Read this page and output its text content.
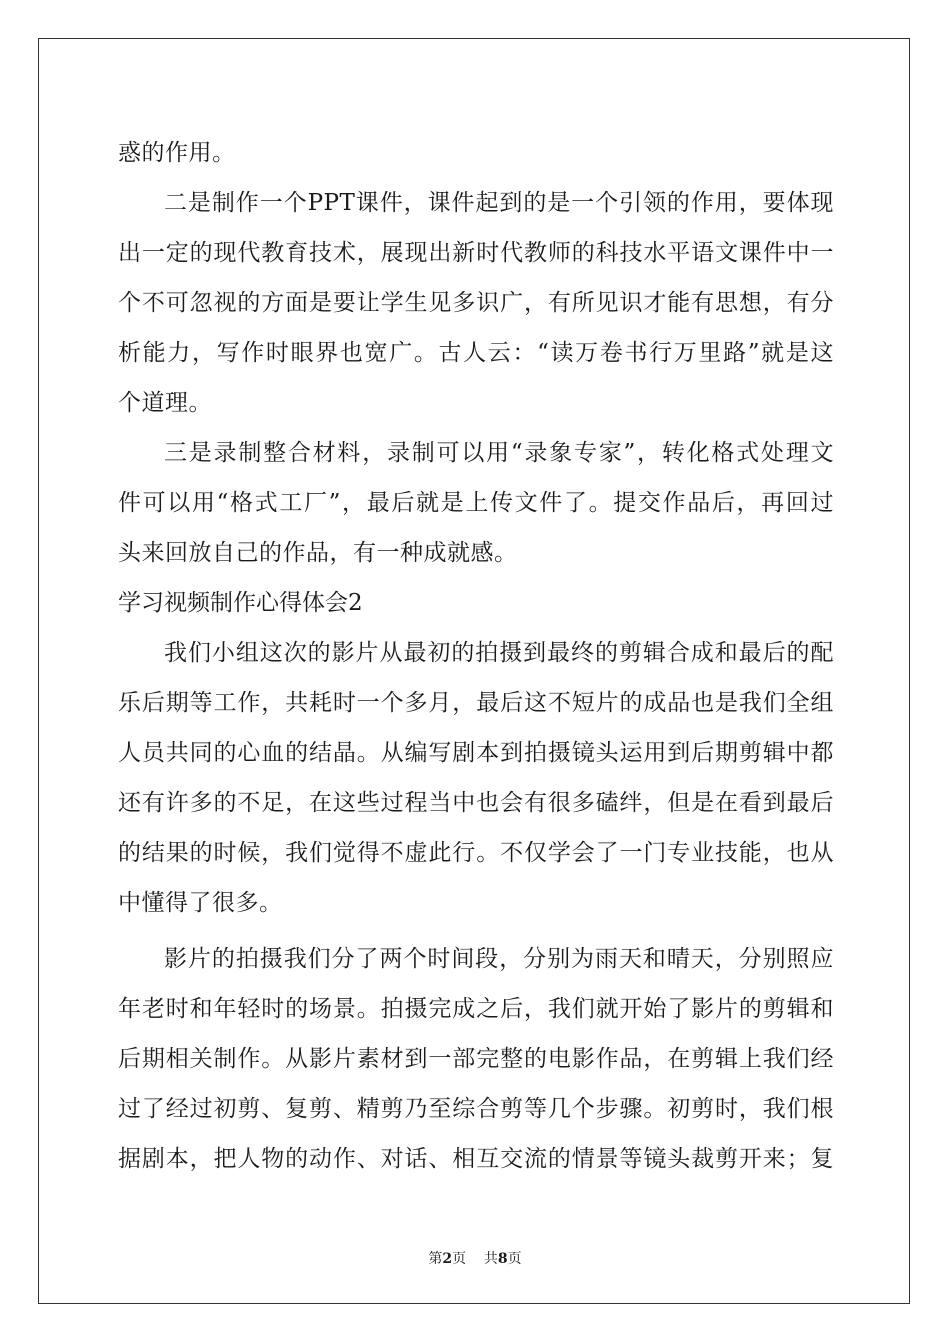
惑的作用。
二是制作一个PPT课件，课件起到的是一个引领的作用，要体现
出一定的现代教育技术，展现出新时代教师的科技水平语文课件中一
个不可忽视的方面是要让学生见多识广，有所见识才能有思想，有分
析能力，写作时眼界也宽广。古人云：“读万卷书行万里路”就是这
个道理。
三是录制整合材料，录制可以用“录象专家”，转化格式处理文
件可以用“格式工厂”，最后就是上传文件了。提交作品后，再回过
头来回放自己的作品，有一种成就感。
学习视频制作心得体会2
我们小组这次的影片从最初的拍摄到最终的剪辑合成和最后的配
乐后期等工作，共耗时一个多月，最后这不短片的成品也是我们全组
人员共同的心血的结晶。从编写剧本到拍摄镜头运用到后期剪辑中都
还有许多的不足，在这些过程当中也会有很多磕绊，但是在看到最后
的结果的时候，我们觉得不虚此行。不仅学会了一门专业技能，也从
中懂得了很多。
影片的拍摄我们分了两个时间段，分别为雨天和晴天，分别照应
年老时和年轻时的场景。拍摄完成之后，我们就开始了影片的剪辑和
后期相关制作。从影片素材到一部完整的电影作品，在剪辑上我们经
过了经过初剪、复剪、精剪乃至综合剪等几个步骤。初剪时，我们根
据剧本，把人物的动作、对话、相互交流的情景等镜头裁剪开来；复
第2页 共8页
